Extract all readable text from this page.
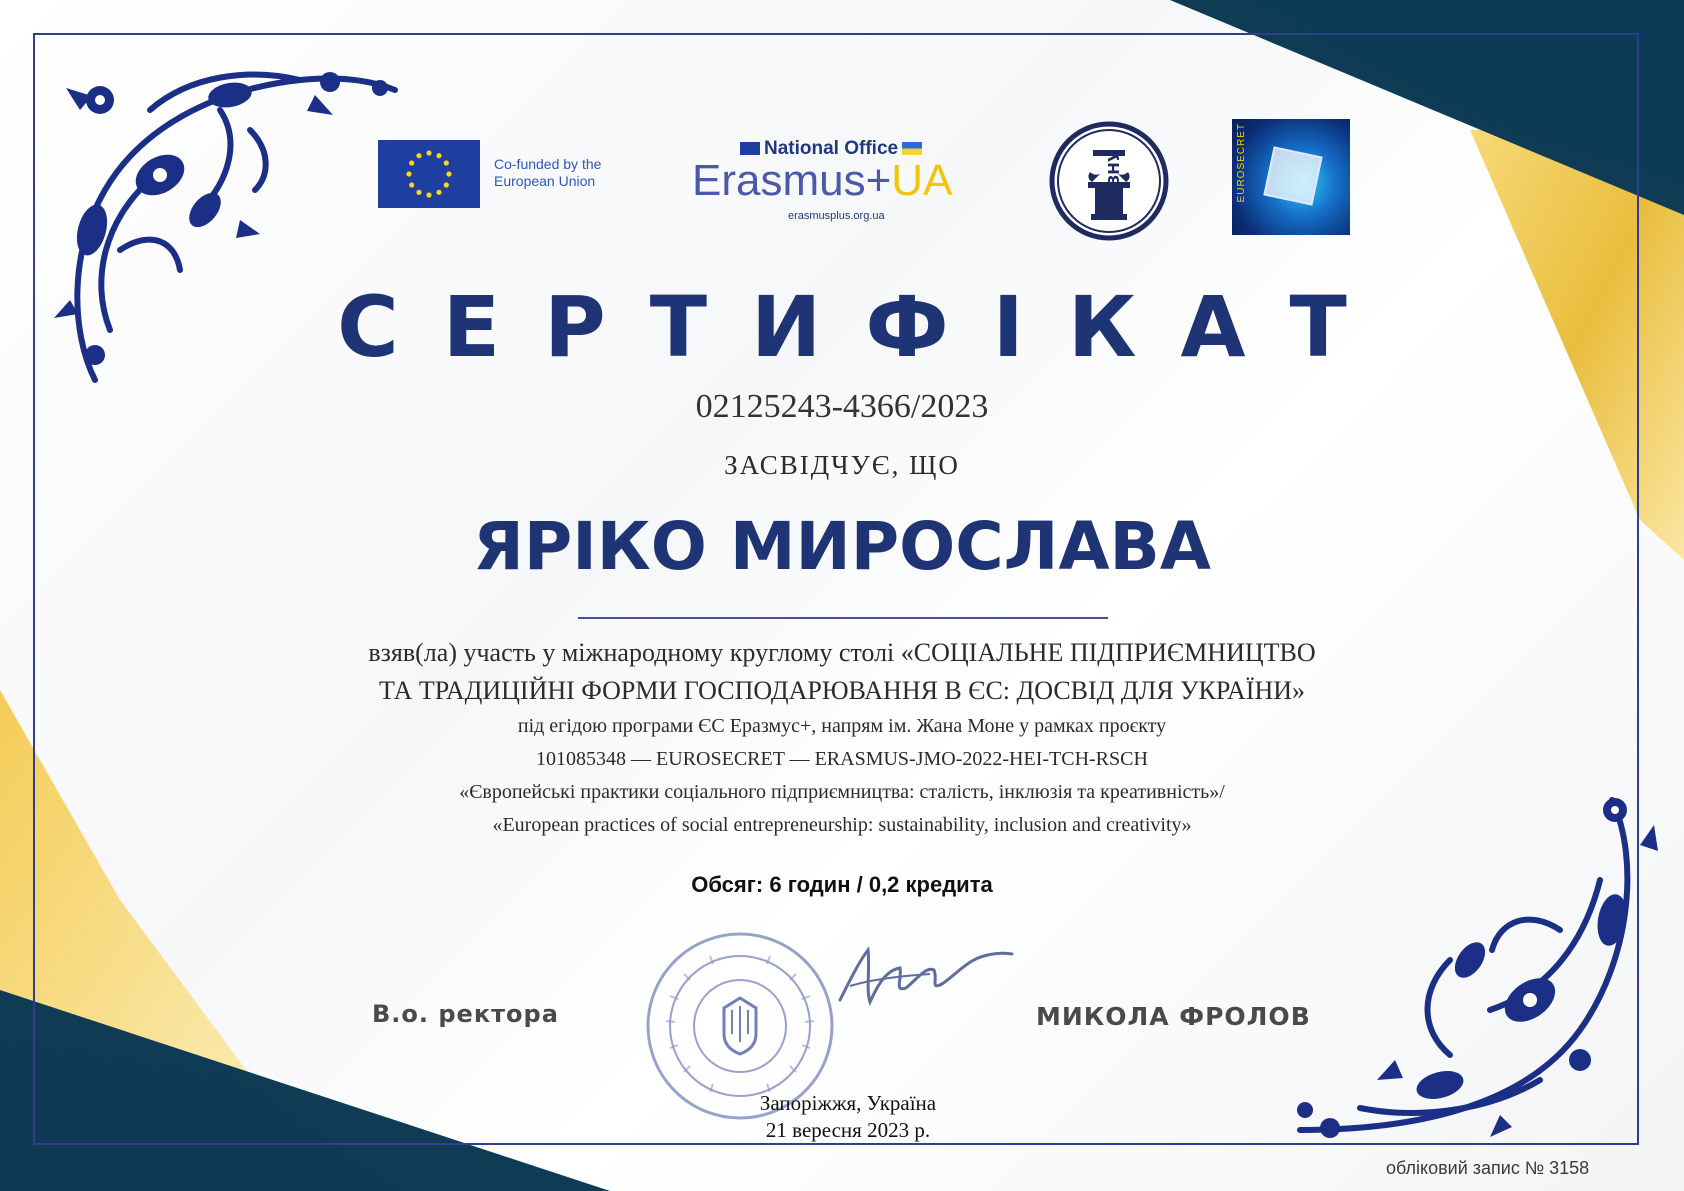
Co-funded by the European Union
National Office
Erasmus+UA
erasmusplus.org.ua
ЗНУ	EUROSECRET
СЕРТИФІКАТ
02125243-4366/2023
ЗАСВІДЧУЄ, ЩО
ЯРІКО МИРОСЛАВА
взяв(ла) участь у міжнародному круглому столі «СОЦІАЛЬНЕ ПІДПРИЄМНИЦТВО
ТА ТРАДИЦІЙНІ ФОРМИ ГОСПОДАРЮВАННЯ В ЄС: ДОСВІД ДЛЯ УКРАЇНИ»
під егідою програми ЄС Еразмус+, напрям ім. Жана Моне у рамках проєкту
101085348 — EUROSECRET — ERASMUS-JMO-2022-HEI-TCH-RSCH
«Європейські практики соціального підприємництва: сталість, інклюзія та креативність»/
«European practices of social entrepreneurship: sustainability, inclusion and creativity»
Обсяг: 6 годин / 0,2 кредита
В.о. ректора	МИКОЛА ФРОЛОВ
Запоріжжя, Україна
21 вересня 2023 р.
обліковий запис № 3158
